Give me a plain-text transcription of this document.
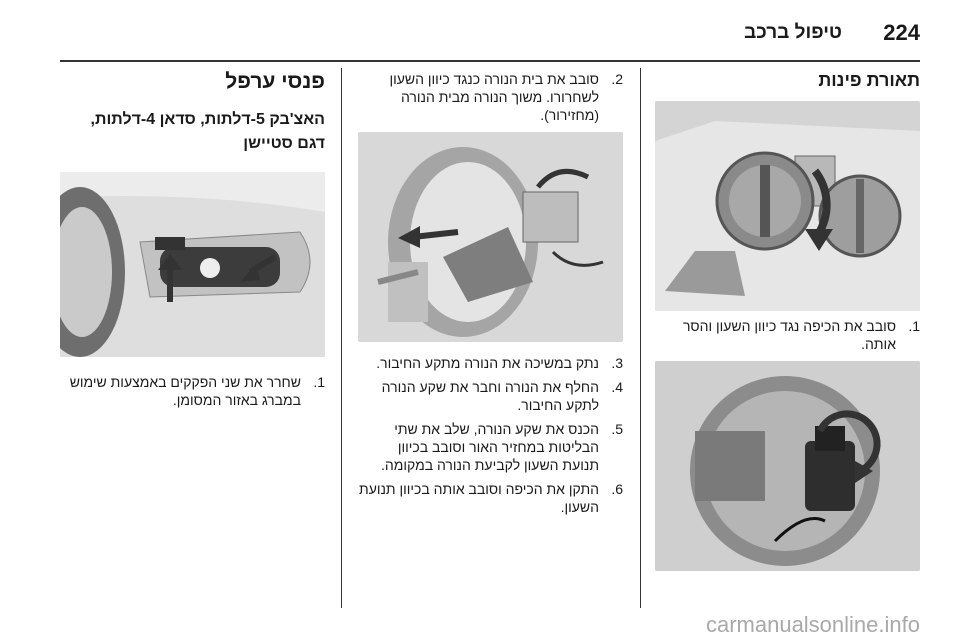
224
טיפול ברכב
תאורת פינות
1.
סובב את הכיפה נגד כיוון השעון והסר אותה.
2.
סובב את בית הנורה כנגד כיוון השעון לשחרורו. משוך הנורה מבית הנורה (מחזירור).
3.
נתק במשיכה את הנורה מתקע החיבור.
4.
החלף את הנורה וחבר את שקע הנורה לתקע החיבור.
5.
הכנס את שקע הנורה, שלב את שתי הבליטות במחזיר האור וסובב בכיוון תנועת השעון לקביעת הנורה במקומה.
6.
התקן את הכיפה וסובב אותה בכיוון תנועת השעון.
פנסי ערפל
האצ'בק 5-דלתות, סדאן 4-דלתות,
דגם סטיישן
1.
שחרר את שני הפקקים באמצעות שימוש במברג באזור המסומן.
carmanualsonline.info
